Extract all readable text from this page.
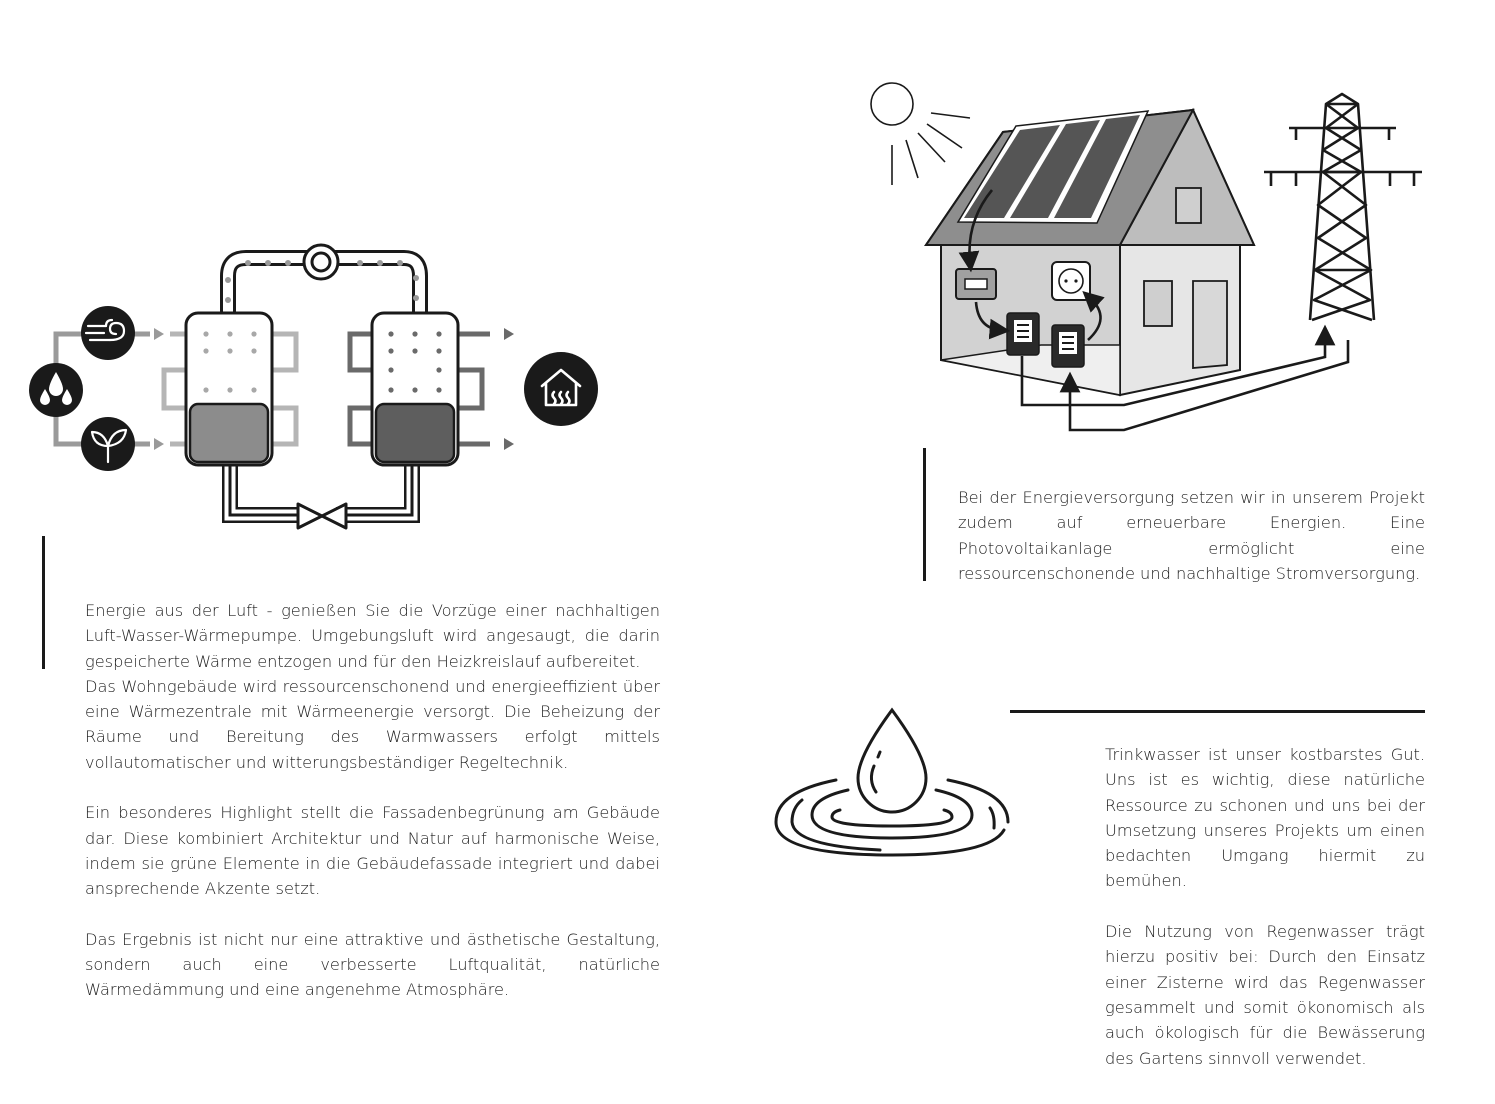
Energie aus der Luft - genießen Sie die Vorzüge einer nachhaltigen Luft-Wasser-Wärmepumpe. Umgebungsluft wird angesaugt, die darin gespeicherte Wärme entzogen und für den Heizkreislauf aufbereitet.

Das Wohngebäude wird ressourcenschonend und energieeffizient über eine Wärmezentrale mit Wärmeenergie versorgt. Die Beheizung der Räume und Bereitung des Warmwassers erfolgt mittels vollautomatischer und witterungsbeständiger Regeltechnik.

Ein besonderes Highlight stellt die Fassadenbegrünung am Gebäude dar. Diese kombiniert Architektur und Natur auf harmonische Weise, indem sie grüne Elemente in die Gebäudefassade integriert und dabei ansprechende Akzente setzt.

Das Ergebnis ist nicht nur eine attraktive und ästhetische Gestaltung, sondern auch eine verbesserte Luftqualität, natürliche Wärmedämmung und eine angenehme Atmosphäre.

Bei der Energieversorgung setzen wir in unserem Projekt zudem auf erneuerbare Energien. Eine Photovoltaikanlage ermöglicht eine ressourcenschonende und nachhaltige Stromversorgung.

Trinkwasser ist unser kostbarstes Gut. Uns ist es wichtig, diese natürliche Ressource zu schonen und uns bei der Umsetzung unseres Projekts um einen bedachten Umgang hiermit zu bemühen.

Die Nutzung von Regenwasser trägt hierzu positiv bei: Durch den Einsatz einer Zisterne wird das Regenwasser gesammelt und somit ökonomisch als auch ökologisch für die Bewässerung des Gartens sinnvoll verwendet.
